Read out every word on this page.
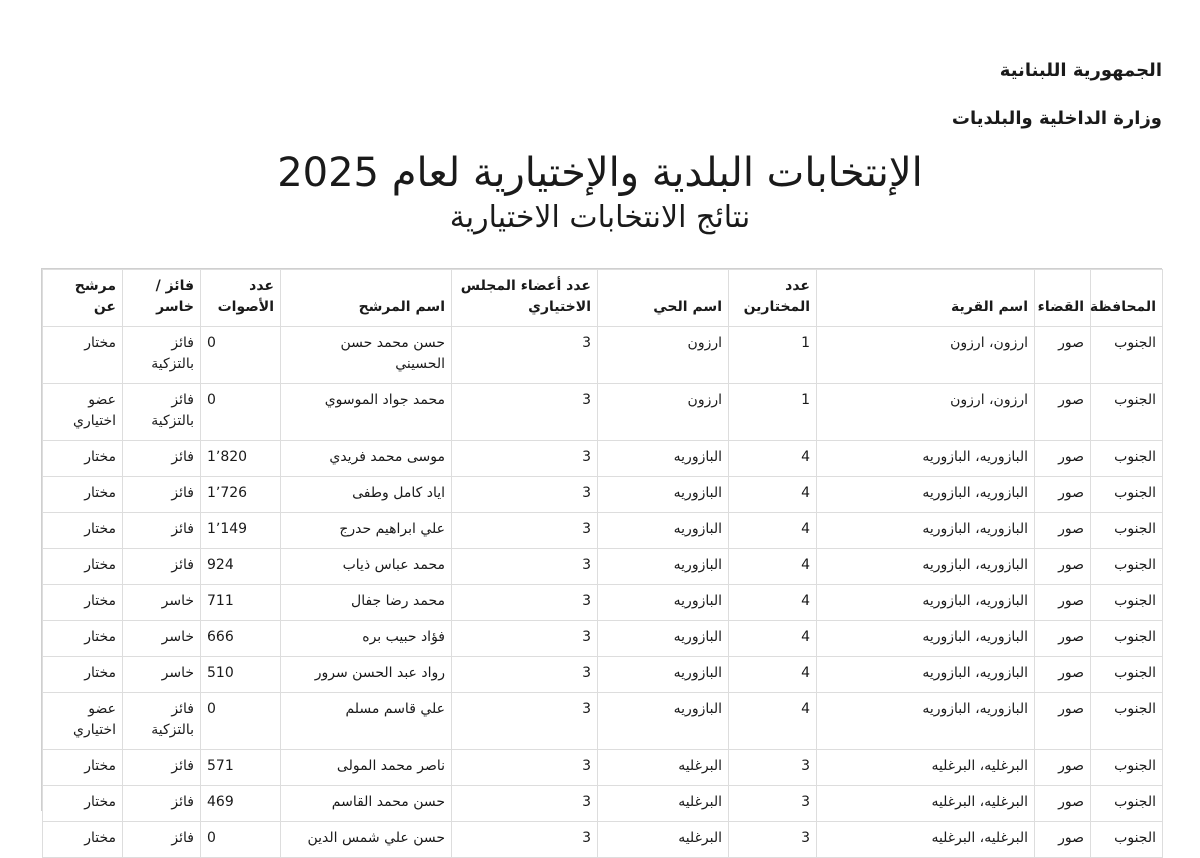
الجمهورية اللبنانية
وزارة الداخلية والبلديات
الإنتخابات البلدية والإختيارية لعام 2025
نتائج الانتخابات الاختيارية
المحافظة	القضاء	اسم القرية	عدد المختارين	اسم الحي	عدد أعضاء المجلس الاختياري	اسم المرشح	عدد الأصوات	فائز / خاسر	مرشح عن
الجنوب	صور	ارزون، ارزون	1	ارزون	3	حسن محمد حسن الحسيني	0	فائز بالتزكية	مختار
الجنوب	صور	ارزون، ارزون	1	ارزون	3	محمد جواد الموسوي	0	فائز بالتزكية	عضو اختياري
الجنوب	صور	البازوريه، البازوريه	4	البازوريه	3	موسى محمد فريدي	1٬820	فائز	مختار
الجنوب	صور	البازوريه، البازوريه	4	البازوريه	3	اياد كامل وطفى	1٬726	فائز	مختار
الجنوب	صور	البازوريه، البازوريه	4	البازوريه	3	علي ابراهيم حدرج	1٬149	فائز	مختار
الجنوب	صور	البازوريه، البازوريه	4	البازوريه	3	محمد عباس ذياب	924	فائز	مختار
الجنوب	صور	البازوريه، البازوريه	4	البازوريه	3	محمد رضا جفال	711	خاسر	مختار
الجنوب	صور	البازوريه، البازوريه	4	البازوريه	3	فؤاد حبيب بره	666	خاسر	مختار
الجنوب	صور	البازوريه، البازوريه	4	البازوريه	3	رواد عبد الحسن سرور	510	خاسر	مختار
الجنوب	صور	البازوريه، البازوريه	4	البازوريه	3	علي قاسم مسلم	0	فائز بالتزكية	عضو اختياري
الجنوب	صور	البرغليه، البرغليه	3	البرغليه	3	ناصر محمد المولى	571	فائز	مختار
الجنوب	صور	البرغليه، البرغليه	3	البرغليه	3	حسن محمد القاسم	469	فائز	مختار
الجنوب	صور	البرغليه، البرغليه	3	البرغليه	3	حسن علي شمس الدين	0	فائز	مختار
